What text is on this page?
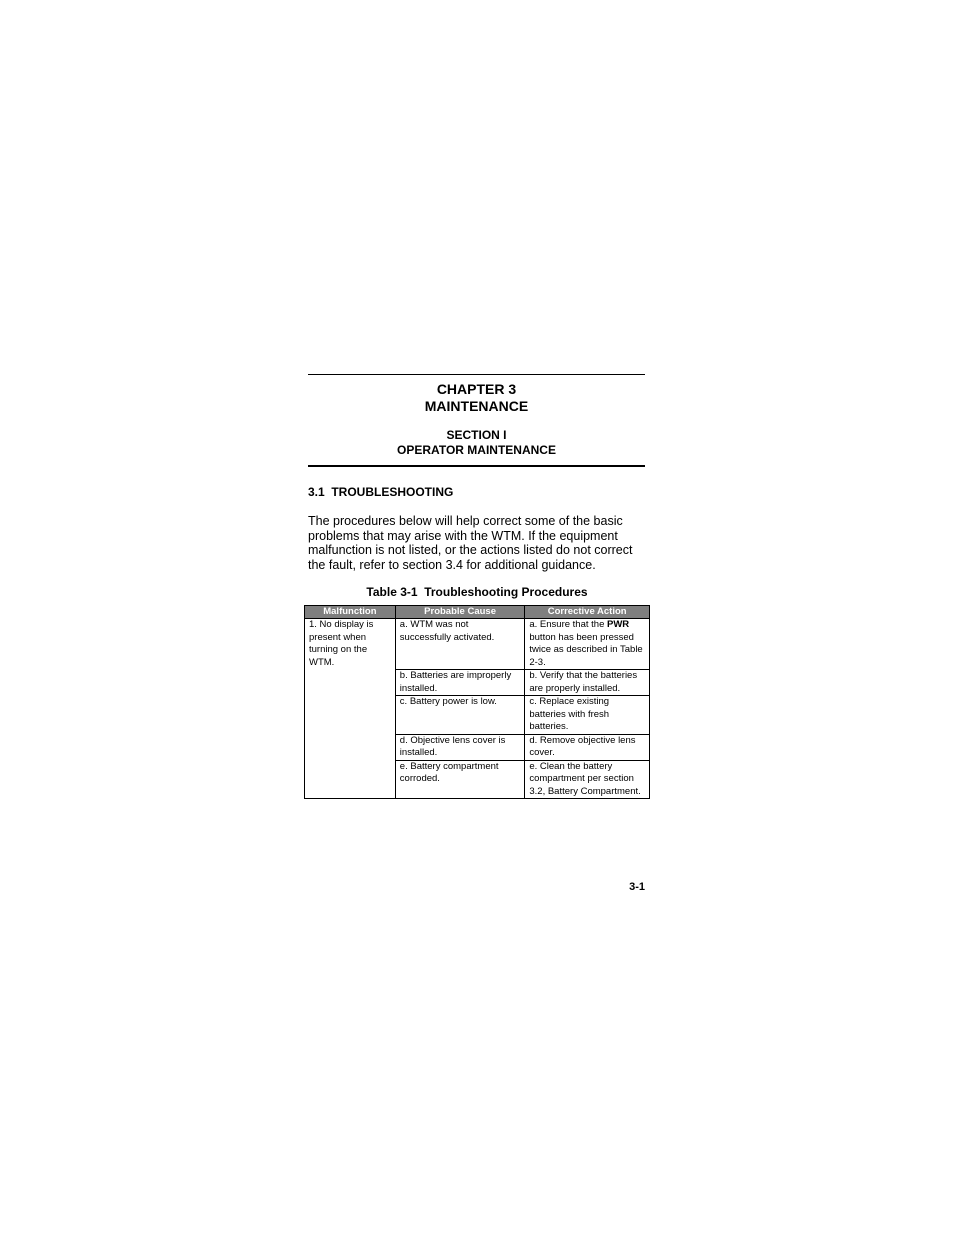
CHAPTER 3
MAINTENANCE
SECTION I
OPERATOR MAINTENANCE
3.1  TROUBLESHOOTING
The procedures below will help correct some of the basic
problems that may arise with the WTM. If the equipment
malfunction is not listed, or the actions listed do not correct
the fault, refer to section 3.4 for additional guidance.
Table 3-1  Troubleshooting Procedures
Malfunction	Probable Cause	Corrective Action
1. No display is present when turning on the WTM.	a. WTM was not successfully activated.	a. Ensure that the PWR button has been pressed twice as described in Table 2-3.
	b. Batteries are improperly installed.	b. Verify that the batteries are properly installed.
	c. Battery power is low.	c. Replace existing batteries with fresh batteries.
	d. Objective lens cover is installed.	d. Remove objective lens cover.
	e. Battery compartment corroded.	e. Clean the battery compartment per section 3.2, Battery Compartment.
3-1
